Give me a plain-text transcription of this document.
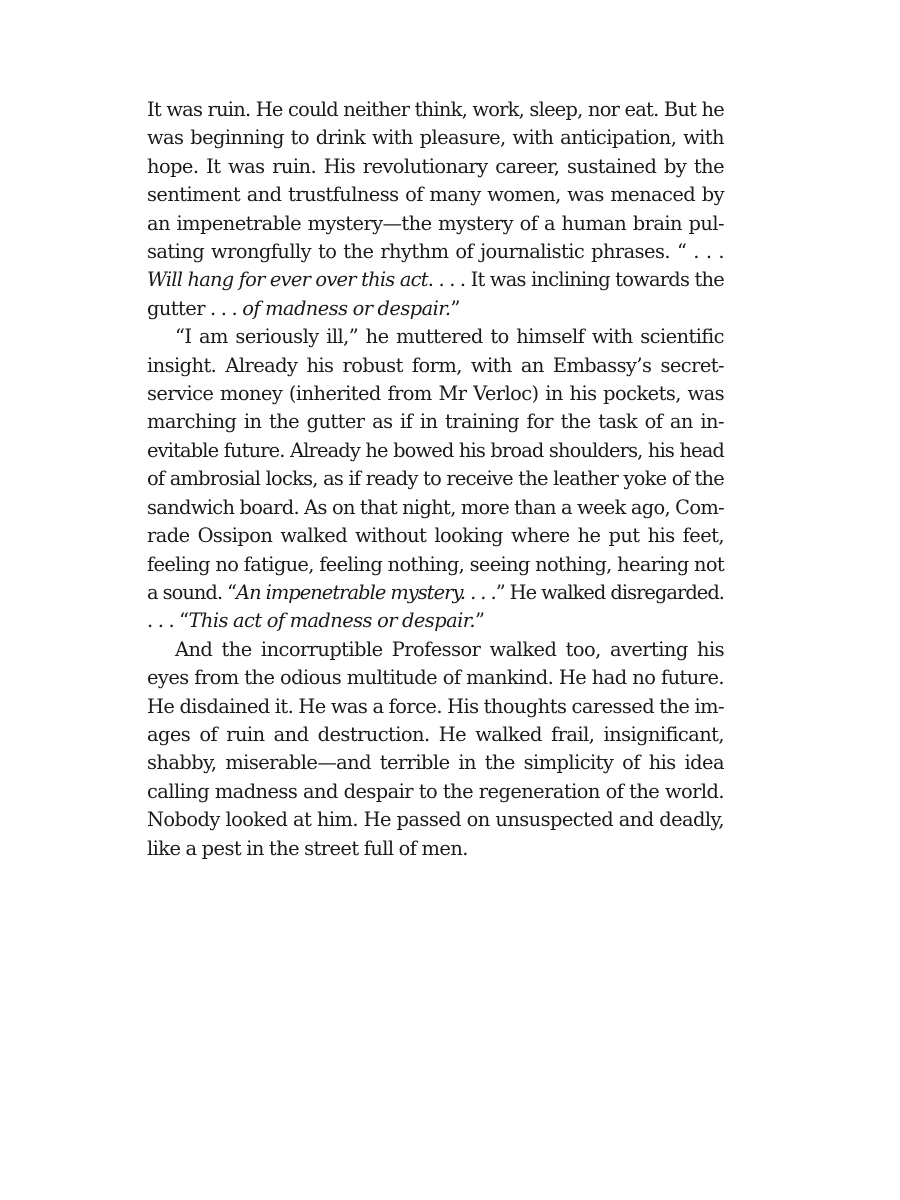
It was ruin. He could neither think, work, sleep, nor eat. But he
was beginning to drink with pleasure, with anticipation, with
hope. It was ruin. His revolutionary career, sustained by the
sentiment and trustfulness of many women, was menaced by
an impenetrable mystery—the mystery of a human brain pul-
sating wrongfully to the rhythm of journalistic phrases. “ . . .
Will hang for ever over this act. . . . It was inclining towards the
gutter . . . of madness or despair.”
“I am seriously ill,” he muttered to himself with scientific
insight. Already his robust form, with an Embassy’s secret-
service money (inherited from Mr Verloc) in his pockets, was
marching in the gutter as if in training for the task of an in-
evitable future. Already he bowed his broad shoulders, his head
of ambrosial locks, as if ready to receive the leather yoke of the
sandwich board. As on that night, more than a week ago, Com-
rade Ossipon walked without looking where he put his feet,
feeling no fatigue, feeling nothing, seeing nothing, hearing not
a sound. “An impenetrable mystery. . . .” He walked disregarded.
. . . “This act of madness or despair.”
And the incorruptible Professor walked too, averting his
eyes from the odious multitude of mankind. He had no future.
He disdained it. He was a force. His thoughts caressed the im-
ages of ruin and destruction. He walked frail, insignificant,
shabby, miserable—and terrible in the simplicity of his idea
calling madness and despair to the regeneration of the world.
Nobody looked at him. He passed on unsuspected and deadly,
like a pest in the street full of men.
